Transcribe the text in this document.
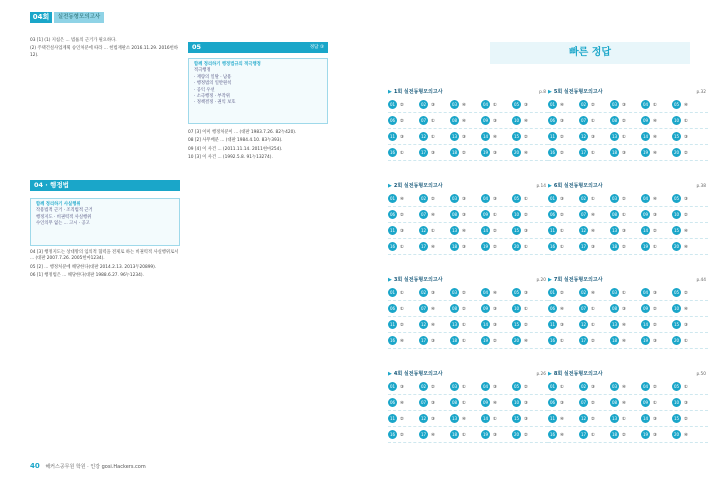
04회	실전동형모의고사

03 [1] (1) 지침은 ... 법률의 근거가 필요하다.

(2) 주택건설사업계획 승인처분에 따라 ... 헌법재판소 2016.11.29. 2016헌바12).

04 · 행정법
함께 정리하기 사실행위
작용법적 근거 · 조직법적 근거
행정지도 · 비권력적 사실행위
수인의무 없는 ... 고시 · 공고

04 [3] 행정지도는 상대방의 임의적 협력을 전제로 하는 비권력적 사실행위로서 ... (대판 2007.7.26. 2005헌마1234).

05 [2] ... 행정처분에 해당한다(대판 2014.2.13. 2013두20899).

06 [1] 행정법은 ... 해당한다(대판 1988.6.27. 96누1234).

40 해커스공무원 학원 · 인강 gosi.Hackers.com
05	정답 ③
함께 정리하기 행정법규의 적극행정
적극행정
· 재량의 일탈 · 남용
· 행정법의 일반원칙
· 공익 우선
· 소극행정 · 부작위
· 정책결정 · 권익 보호

07 [3] 이미 행정처분이 ... (대판 1983.7.26. 82누420).

08 [2] 사무배분 ... (대판 1984.4.10. 83누393).

09 [4] 이 사건 ... (2011.11.14. 2011현마254).

10 [3] 이 사건 ... (1992.5.8. 91누13274).

빠른 정답
▶ 1회 실전동형모의고사	p.8
01 ②	02 ③	03 ④	04 ①	05 ③
06 ②	07 ①	08 ④	09 ③	10 ④
11 ③	12 ①	13 ③	14 ④	15 ②
16 ①	17 ③	18 ②	19 ③	20 ④
▶ 5회 실전동형모의고사	p.32
01 ④	02 ②	03 ③	04 ①	05 ④
06 ③	07 ①	08 ②	09 ④	10 ①
11 ②	12 ③	13 ①	14 ④	15 ③
16 ②	17 ①	18 ③	19 ④	20 ②
▶ 2회 실전동형모의고사	p.14
01 ④	02 ②	03 ③	04 ③	05 ①
06 ②	07 ④	08 ③	09 ①	10 ②
11 ③	12 ①	13 ④	14 ②	15 ③
16 ①	17 ④	18 ③	19 ②	20 ①
▶ 6회 실전동형모의고사	p.38
01 ③	02 ①	03 ②	04 ④	05 ③
06 ②	07 ④	08 ①	09 ③	10 ②
11 ①	12 ④	13 ③	14 ②	15 ④
16 ①	17 ③	18 ②	19 ①	20 ④
▶ 3회 실전동형모의고사	p.20
01 ①	02 ③	03 ②	04 ④	05 ③
06 ①	07 ④	08 ②	09 ③	10 ①
11 ②	12 ④	13 ①	14 ③	15 ②
16 ④	17 ③	18 ①	19 ②	20 ④
▶ 7회 실전동형모의고사	p.44
01 ②	02 ④	03 ①	04 ③	05 ②
06 ④	07 ①	08 ③	09 ②	10 ④
11 ③	12 ①	13 ④	14 ②	15 ③
16 ①	17 ②	18 ④	19 ③	20 ①
▶ 4회 실전동형모의고사	p.26
01 ③	02 ②	03 ①	04 ③	05 ②
06 ④	07 ③	08 ①	09 ④	10 ③
11 ②	12 ③	13 ④	14 ①	15 ③
16 ②	17 ④	18 ①	19 ③	20 ②
▶ 8회 실전동형모의고사	p.50
01 ①	02 ③	03 ④	04 ②	05 ①
06 ③	07 ②	08 ④	09 ①	10 ③
11 ④	12 ②	13 ①	14 ③	15 ②
16 ④	17 ①	18 ②	19 ③	20 ④
